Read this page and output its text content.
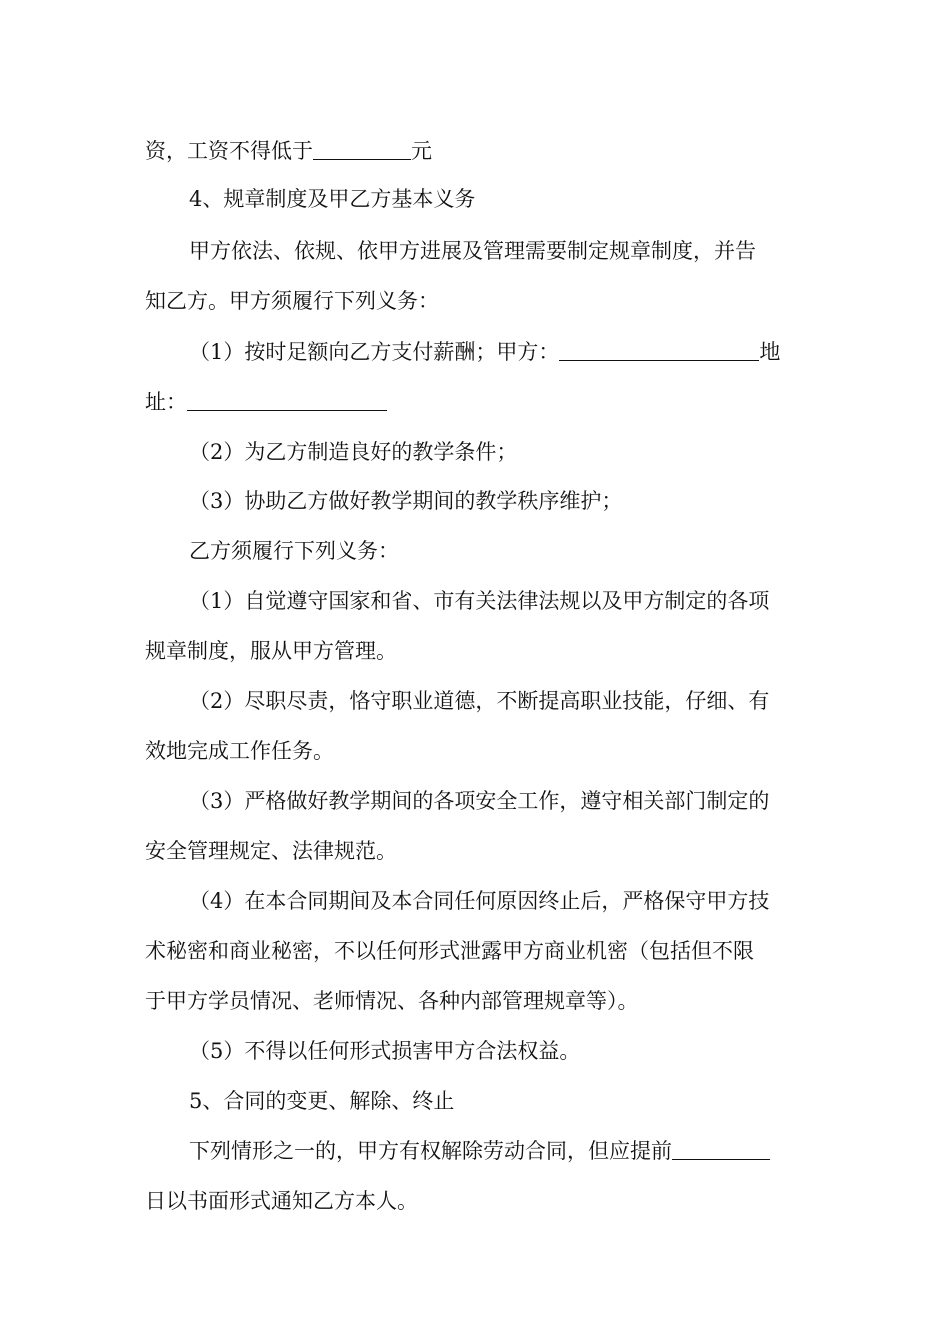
资，工资不得低于	元
4、规章制度及甲乙方基本义务
甲方依法、依规、依甲方进展及管理需要制定规章制度，并告
知乙方。甲方须履行下列义务：
（1）按时足额向乙方支付薪酬；甲方：	地
址：
（2）为乙方制造良好的教学条件；
（3）协助乙方做好教学期间的教学秩序维护；
乙方须履行下列义务：
（1）自觉遵守国家和省、市有关法律法规以及甲方制定的各项
规章制度，服从甲方管理。
（2）尽职尽责，恪守职业道德，不断提高职业技能，仔细、有
效地完成工作任务。
（3）严格做好教学期间的各项安全工作，遵守相关部门制定的
安全管理规定、法律规范。
（4）在本合同期间及本合同任何原因终止后，严格保守甲方技
术秘密和商业秘密，不以任何形式泄露甲方商业机密（包括但不限
于甲方学员情况、老师情况、各种内部管理规章等）。
（5）不得以任何形式损害甲方合法权益。
5、合同的变更、解除、终止
下列情形之一的，甲方有权解除劳动合同，但应提前
日以书面形式通知乙方本人。
